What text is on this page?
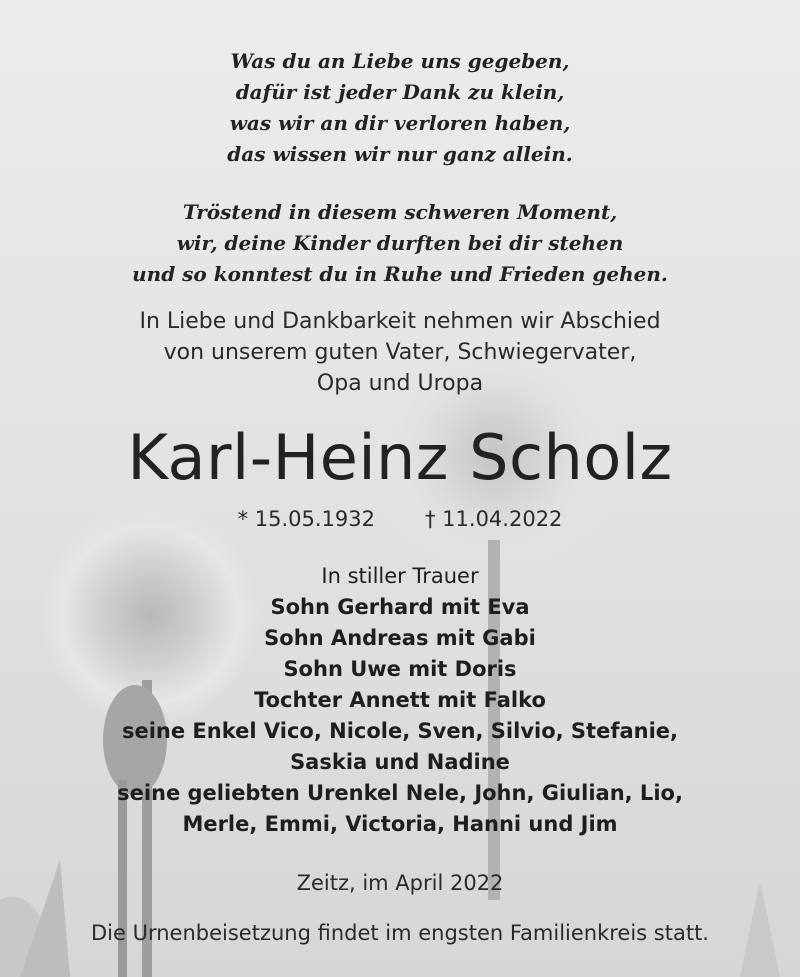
Was du an Liebe uns gegeben,
dafür ist jeder Dank zu klein,
was wir an dir verloren haben,
das wissen wir nur ganz allein.
Tröstend in diesem schweren Moment,
wir, deine Kinder durften bei dir stehen
und so konntest du in Ruhe und Frieden gehen.
In Liebe und Dankbarkeit nehmen wir Abschied
von unserem guten Vater, Schwiegervater,
Opa und Uropa
Karl-Heinz Scholz
* 15.05.1932 † 11.04.2022
In stiller Trauer
Sohn Gerhard mit Eva
Sohn Andreas mit Gabi
Sohn Uwe mit Doris
Tochter Annett mit Falko
seine Enkel Vico, Nicole, Sven, Silvio, Stefanie,
Saskia und Nadine
seine geliebten Urenkel Nele, John, Giulian, Lio,
Merle, Emmi, Victoria, Hanni und Jim
Zeitz, im April 2022
Die Urnenbeisetzung findet im engsten Familienkreis statt.
